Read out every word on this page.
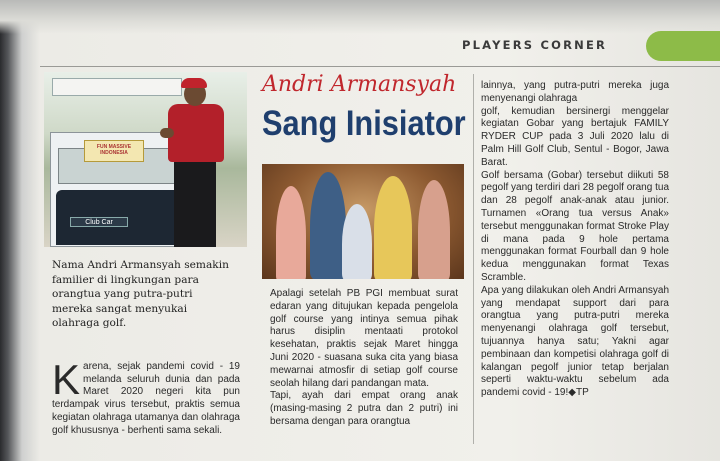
PLAYERS CORNER
FUN MASSIVE INDONESIA
Club Car
Nama Andri Armansyah semakin familier di lingkungan para orangtua yang putra-putri mereka sangat menyukai olahraga golf.

Karena, sejak pandemi covid - 19 melanda seluruh dunia dan pada Maret 2020 negeri kita pun terdampak virus tersebut, praktis semua kegiatan olahraga utamanya dan olahraga golf khususnya - berhenti sama sekali.

Andri Armansyah
Sang Inisiator
Apalagi setelah PB PGI membuat surat edaran yang ditujukan kepada pengelola golf course yang intinya semua pihak harus disiplin mentaati protokol kesehatan, praktis sejak Maret hingga Juni 2020 - suasana suka cita yang biasa mewarnai atmosfir di setiap golf course seolah hilang dari pandangan mata.
Tapi, ayah dari empat orang anak (masing-masing 2 putra dan 2 putri) ini bersama dengan para orangtua
lainnya, yang putra-putri mereka juga menyenangi olahraga
golf, kemudian bersinergi menggelar kegiatan Gobar yang bertajuk FAMILY RYDER CUP pada 3 Juli 2020 lalu di Palm Hill Golf Club, Sentul - Bogor, Jawa Barat.
Golf bersama (Gobar) tersebut diikuti 58 pegolf yang terdiri dari 28 pegolf orang tua dan 28 pegolf anak-anak atau junior. Turnamen «Orang tua versus Anak» tersebut menggunakan format Stroke Play di mana pada 9 hole pertama menggunakan format Fourball dan 9 hole kedua menggunakan format Texas Scramble.
Apa yang dilakukan oleh Andri Armansyah yang mendapat support dari para orangtua yang putra-putri mereka menyenangi olahraga golf tersebut, tujuannya hanya satu; Yakni agar pembinaan dan kompetisi olahraga golf di kalangan pegolf junior tetap berjalan seperti waktu-waktu sebelum ada pandemi covid - 19!◆TP
